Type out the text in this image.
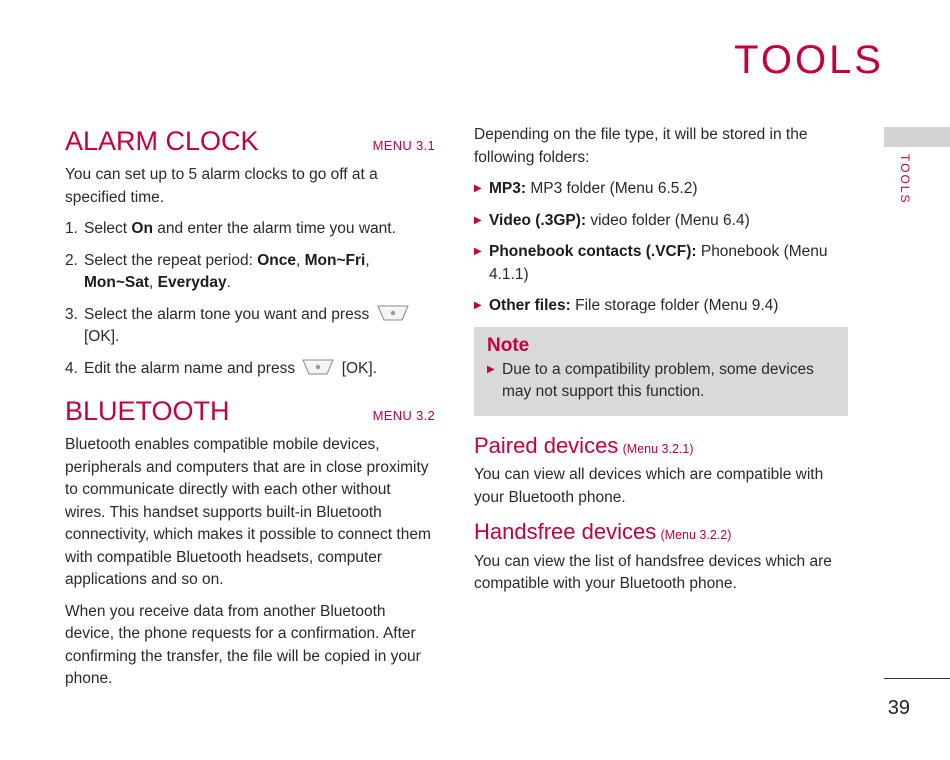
TOOLS
TOOLS
39
ALARM CLOCK	MENU 3.1

You can set up to 5 alarm clocks to go off at a specified time.

1. Select On and enter the alarm time you want.
2. Select the repeat period: Once, Mon~Fri, Mon~Sat, Everyday.
3. Select the alarm tone you want and press  [OK].
4. Edit the alarm name and press  [OK].
BLUETOOTH	MENU 3.2

Bluetooth enables compatible mobile devices, peripherals and computers that are in close proximity to communicate directly with each other without wires. This handset supports built-in Bluetooth connectivity, which makes it possible to connect them with compatible Bluetooth headsets, computer applications and so on.

When you receive data from another Bluetooth device, the phone requests for a confirmation. After confirming the transfer, the file will be copied in your phone.

Depending on the file type, it will be stored in the following folders:

▶ MP3: MP3 folder (Menu 6.5.2)
▶ Video (.3GP): video folder (Menu 6.4)
▶ Phonebook contacts (.VCF): Phonebook (Menu 4.1.1)
▶ Other files: File storage folder (Menu 9.4)
Note
▶ Due to a compatibility problem, some devices may not support this function.
Paired devices (Menu 3.2.1)

You can view all devices which are compatible with your Bluetooth phone.

Handsfree devices (Menu 3.2.2)

You can view the list of handsfree devices which are compatible with your Bluetooth phone.
